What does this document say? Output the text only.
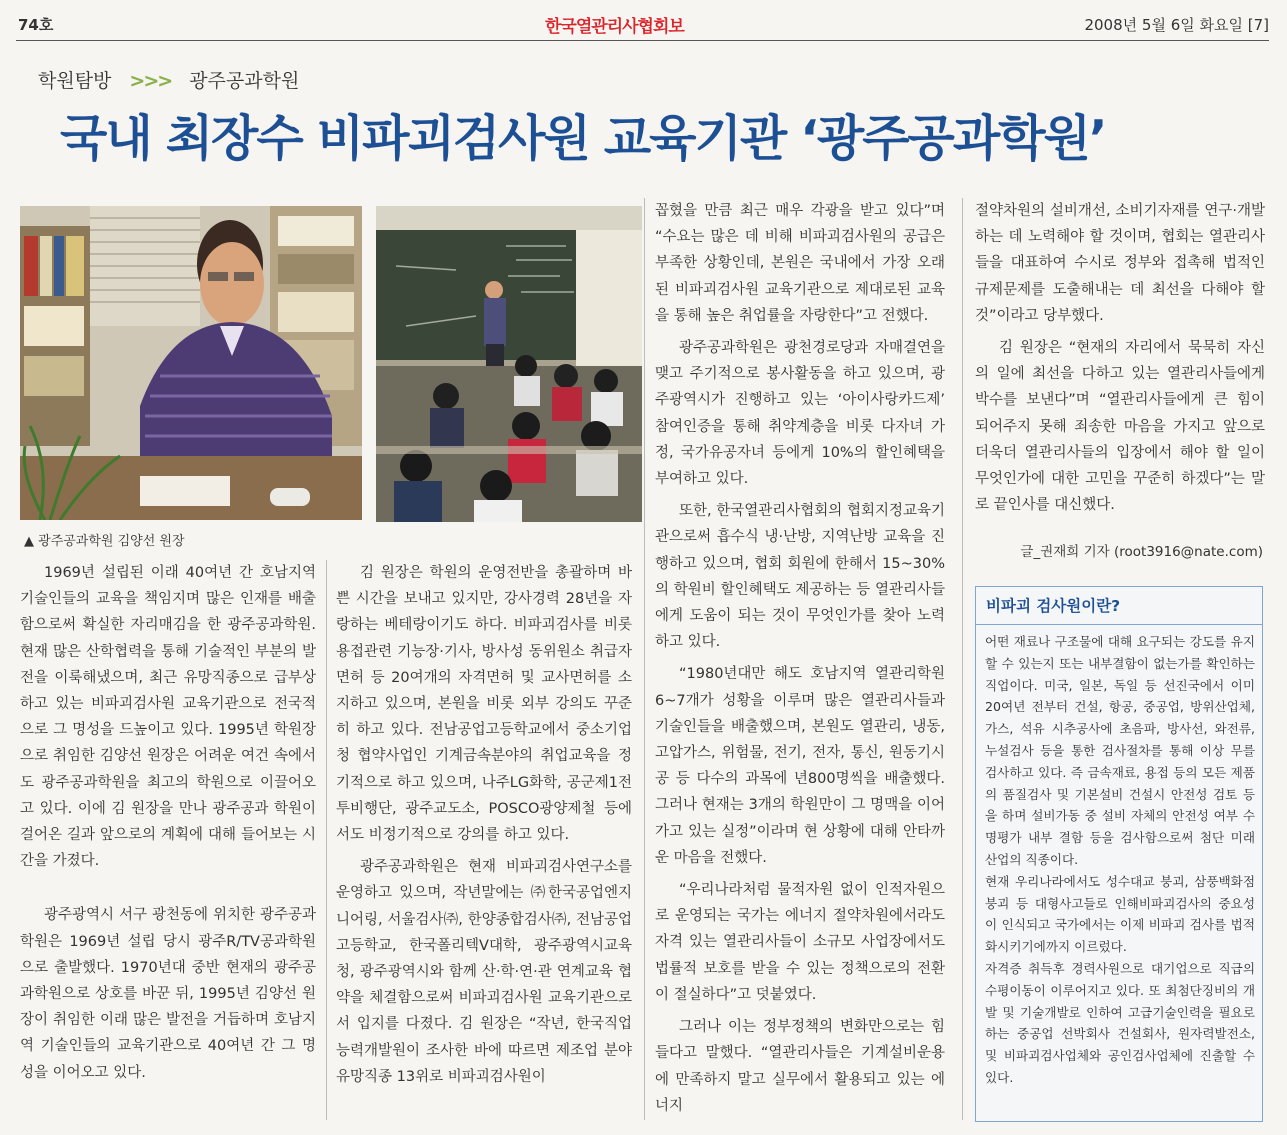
74호	한국열관리사협회보	2008년 5월 6일 화요일 [7]
학원탐방 >>> 광주공과학원
국내 최장수 비파괴검사원 교육기관 ‘광주공과학원’
▲ 광주공과학원 김양선 원장

1969년 설립된 이래 40여년 간 호남지역 기술인들의 교육을 책임지며 많은 인재를 배출함으로써 확실한 자리매김을 한 광주공과학원. 현재 많은 산학협력을 통해 기술적인 부분의 발전을 이룩해냈으며, 최근 유망직종으로 급부상 하고 있는 비파괴검사원 교육기관으로 전국적으로 그 명성을 드높이고 있다. 1995년 학원장으로 취임한 김양선 원장은 어려운 여건 속에서도 광주공과학원을 최고의 학원으로 이끌어오고 있다. 이에 김 원장을 만나 광주공과 학원이 걸어온 길과 앞으로의 계획에 대해 들어보는 시간을 가졌다.

광주광역시 서구 광천동에 위치한 광주공과 학원은 1969년 설립 당시 광주R/TV공과학원으로 출발했다. 1970년대 중반 현재의 광주공과학원으로 상호를 바꾼 뒤, 1995년 김양선 원장이 취임한 이래 많은 발전을 거듭하며 호남지역 기술인들의 교육기관으로 40여년 간 그 명성을 이어오고 있다.

김 원장은 학원의 운영전반을 총괄하며 바쁜 시간을 보내고 있지만, 강사경력 28년을 자랑하는 베테랑이기도 하다. 비파괴검사를 비롯 용접관련 기능장·기사, 방사성 동위원소 취급자 면허 등 20여개의 자격면허 및 교사면허를 소지하고 있으며, 본원을 비롯 외부 강의도 꾸준히 하고 있다. 전남공업고등학교에서 중소기업청 협약사업인 기계금속분야의 취업교육을 정기적으로 하고 있으며, 나주LG화학, 공군제1전투비행단, 광주교도소, POSCO광양제철 등에서도 비정기적으로 강의를 하고 있다.

광주공과학원은 현재 비파괴검사연구소를 운영하고 있으며, 작년말에는 ㈜한국공업엔지니어링, 서울검사㈜, 한양종합검사㈜, 전남공업고등학교, 한국폴리텍V대학, 광주광역시교육청, 광주광역시와 함께 산·학·연·관 연계교육 협약을 체결함으로써 비파괴검사원 교육기관으로서 입지를 다졌다. 김 원장은 “작년, 한국직업능력개발원이 조사한 바에 따르면 제조업 분야 유망직종 13위로 비파괴검사원이

꼽혔을 만큼 최근 매우 각광을 받고 있다”며 “수요는 많은 데 비해 비파괴검사원의 공급은 부족한 상황인데, 본원은 국내에서 가장 오래된 비파괴검사원 교육기관으로 제대로된 교육을 통해 높은 취업률을 자랑한다”고 전했다.

광주공과학원은 광천경로당과 자매결연을 맺고 주기적으로 봉사활동을 하고 있으며, 광주광역시가 진행하고 있는 ‘아이사랑카드제’ 참여인증을 통해 취약계층을 비롯 다자녀 가정, 국가유공자녀 등에게 10%의 할인혜택을 부여하고 있다.

또한, 한국열관리사협회의 협회지정교육기관으로써 흡수식 냉·난방, 지역난방 교육을 진행하고 있으며, 협회 회원에 한해서 15~30%의 학원비 할인혜택도 제공하는 등 열관리사들에게 도움이 되는 것이 무엇인가를 찾아 노력하고 있다.

“1980년대만 해도 호남지역 열관리학원 6~7개가 성황을 이루며 많은 열관리사들과 기술인들을 배출했으며, 본원도 열관리, 냉동, 고압가스, 위험물, 전기, 전자, 통신, 원동기시공 등 다수의 과목에 년800명씩을 배출했다. 그러나 현재는 3개의 학원만이 그 명맥을 이어가고 있는 실정”이라며 현 상황에 대해 안타까운 마음을 전했다.

“우리나라처럼 물적자원 없이 인적자원으로 운영되는 국가는 에너지 절약차원에서라도 자격 있는 열관리사들이 소규모 사업장에서도 법률적 보호를 받을 수 있는 정책으로의 전환이 절실하다”고 덧붙였다.

그러나 이는 정부정책의 변화만으로는 힘들다고 말했다. “열관리사들은 기계설비운용에 만족하지 말고 실무에서 활용되고 있는 에너지

절약차원의 설비개선, 소비기자재를 연구·개발하는 데 노력해야 할 것이며, 협회는 열관리사들을 대표하여 수시로 정부와 접촉해 법적인 규제문제를 도출해내는 데 최선을 다해야 할 것”이라고 당부했다.

김 원장은 “현재의 자리에서 묵묵히 자신의 일에 최선을 다하고 있는 열관리사들에게 박수를 보낸다”며 “열관리사들에게 큰 힘이 되어주지 못해 죄송한 마음을 가지고 앞으로 더욱더 열관리사들의 입장에서 해야 할 일이 무엇인가에 대한 고민을 꾸준히 하겠다”는 말로 끝인사를 대신했다.

글_권재희 기자 (root3916@nate.com)
비파괴 검사원이란?

어떤 재료나 구조물에 대해 요구되는 강도를 유지할 수 있는지 또는 내부결함이 없는가를 확인하는 직업이다. 미국, 일본, 독일 등 선진국에서 이미 20여년 전부터 건설, 항공, 중공업, 방위산업체, 가스, 석유 시추공사에 초음파, 방사선, 와전류, 누설검사 등을 통한 검사절차를 통해 이상 무를 검사하고 있다. 즉 금속재료, 용접 등의 모든 제품의 품질검사 및 기본설비 건설시 안전성 검토 등을 하며 설비가동 중 설비 자체의 안전성 여부 수명평가 내부 결함 등을 검사함으로써 첨단 미래 산업의 직종이다.

현재 우리나라에서도 성수대교 붕괴, 삼풍백화점 붕괴 등 대형사고들로 인해비파괴검사의 중요성이 인식되고 국가에서는 이제 비파괴 검사를 법적화시키기에까지 이르렀다.

자격증 취득후 경력사원으로 대기업으로 직급의 수평이동이 이루어지고 있다. 또 최첨단징비의 개발 및 기술개발로 인하여 고급기술인력을 필요로 하는 중공업 선박회사 건설회사, 원자력발전소, 및 비파괴검사업체와 공인검사업체에 진출할 수 있다.
